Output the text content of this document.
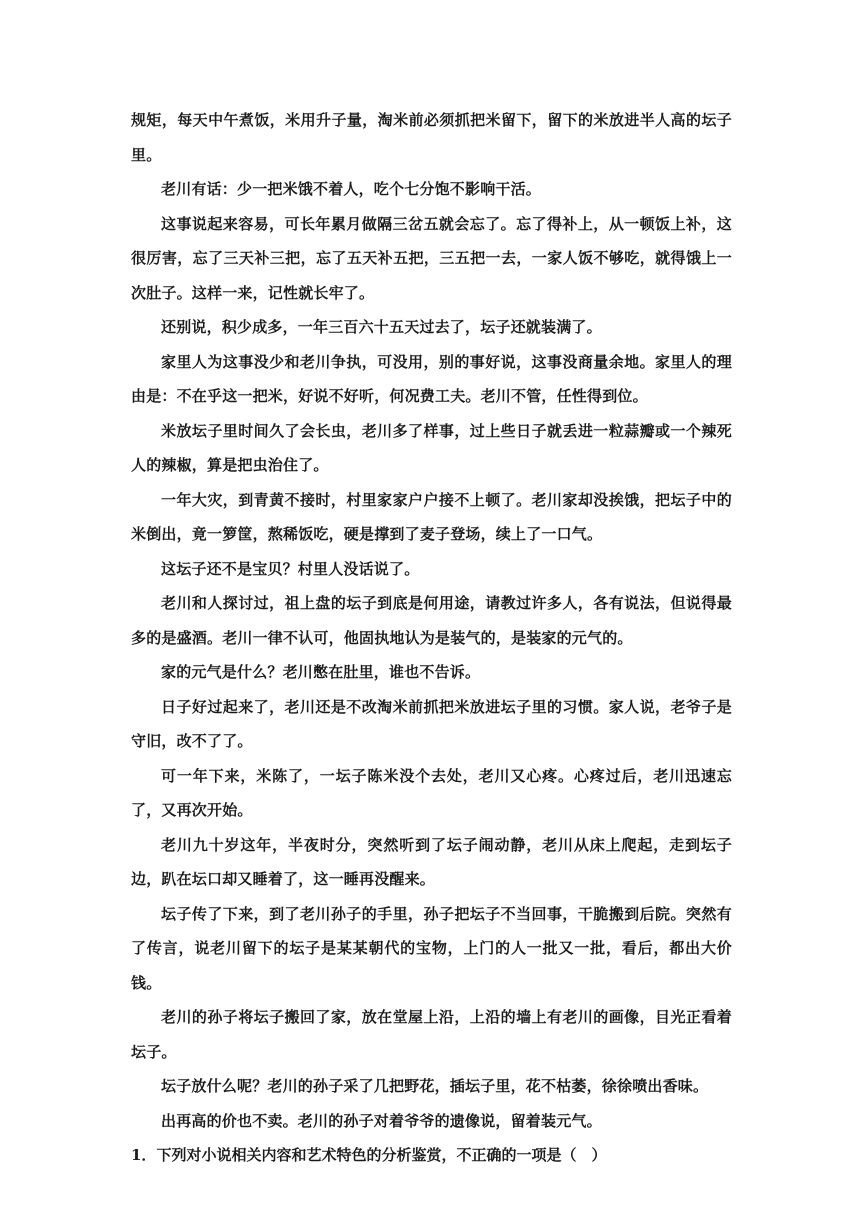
规矩，每天中午煮饭，米用升子量，淘米前必须抓把米留下，留下的米放进半人高的坛子里。

老川有话：少一把米饿不着人，吃个七分饱不影响干活。

这事说起来容易，可长年累月做隔三岔五就会忘了。忘了得补上，从一顿饭上补，这很厉害，忘了三天补三把，忘了五天补五把，三五把一去，一家人饭不够吃，就得饿上一次肚子。这样一来，记性就长牢了。

还别说，积少成多，一年三百六十五天过去了，坛子还就装满了。

家里人为这事没少和老川争执，可没用，别的事好说，这事没商量余地。家里人的理由是：不在乎这一把米，好说不好听，何况费工夫。老川不管，任性得到位。

米放坛子里时间久了会长虫，老川多了样事，过上些日子就丢进一粒蒜瓣或一个辣死人的辣椒，算是把虫治住了。

一年大灾，到青黄不接时，村里家家户户接不上顿了。老川家却没挨饿，把坛子中的米倒出，竟一箩筐，熬稀饭吃，硬是撑到了麦子登场，续上了一口气。

这坛子还不是宝贝？村里人没话说了。

老川和人探讨过，祖上盘的坛子到底是何用途，请教过许多人，各有说法，但说得最多的是盛酒。老川一律不认可，他固执地认为是装气的，是装家的元气的。

家的元气是什么？老川憋在肚里，谁也不告诉。

日子好过起来了，老川还是不改淘米前抓把米放进坛子里的习惯。家人说，老爷子是守旧，改不了了。

可一年下来，米陈了，一坛子陈米没个去处，老川又心疼。心疼过后，老川迅速忘了，又再次开始。

老川九十岁这年，半夜时分，突然听到了坛子闹动静，老川从床上爬起，走到坛子边，趴在坛口却又睡着了，这一睡再没醒来。

坛子传了下来，到了老川孙子的手里，孙子把坛子不当回事，干脆搬到后院。突然有了传言，说老川留下的坛子是某某朝代的宝物，上门的人一批又一批，看后，都出大价钱。

老川的孙子将坛子搬回了家，放在堂屋上沿，上沿的墙上有老川的画像，目光正看着坛子。

坛子放什么呢？老川的孙子采了几把野花，插坛子里，花不枯萎，徐徐喷出香味。

出再高的价也不卖。老川的孙子对着爷爷的遗像说，留着装元气。

1．下列对小说相关内容和艺术特色的分析鉴赏，不正确的一项是（　）
